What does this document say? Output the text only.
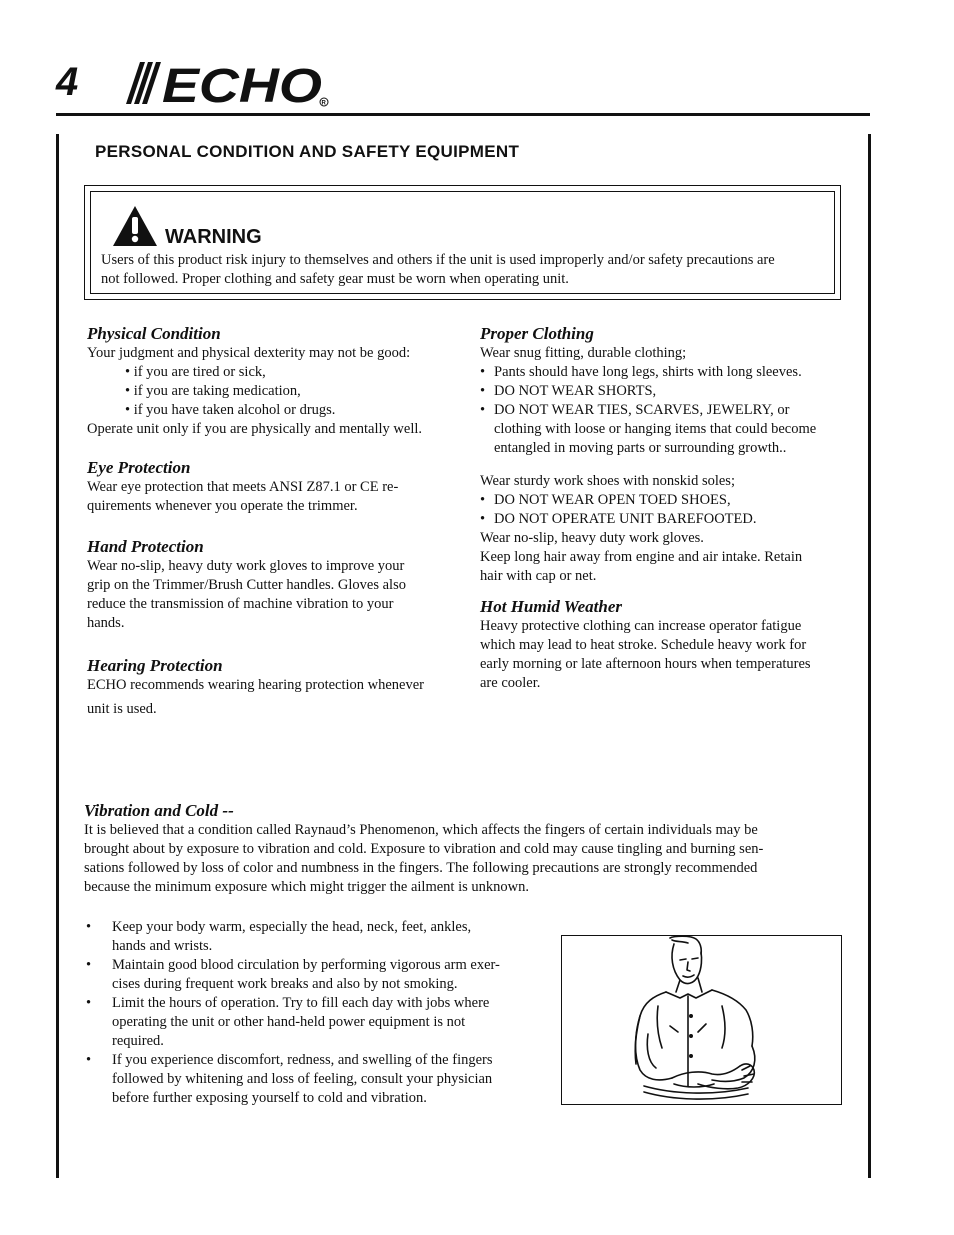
4 ECHO R
PERSONAL CONDITION AND SAFETY EQUIPMENT
WARNING
Users of this product risk injury to themselves and others if the unit is used improperly and/or safety precautions are
not followed. Proper clothing and safety gear must be worn when operating unit.
Physical Condition
Your judgment and physical dexterity may not be good:
• if you are tired or sick,
• if you are taking medication,
• if you have taken alcohol or drugs.
Operate unit only if you are physically and mentally well.
Eye Protection
Wear eye protection that meets ANSI Z87.1 or CE re-
quirements whenever you operate the trimmer.
Hand Protection
Wear no-slip, heavy duty work gloves to improve your
grip on the Trimmer/Brush Cutter handles. Gloves also
reduce the transmission of machine vibration to your
hands.
Hearing Protection
ECHO recommends wearing hearing protection whenever
unit is used.
Proper Clothing
Wear snug fitting, durable clothing;
• Pants should have long legs, shirts with long sleeves.
• DO NOT WEAR SHORTS,
• DO NOT WEAR TIES, SCARVES, JEWELRY, or
clothing with loose or hanging items that could become
entangled in moving parts or surrounding growth..
Wear sturdy work shoes with nonskid soles;
• DO NOT WEAR OPEN TOED SHOES,
• DO NOT OPERATE UNIT BAREFOOTED.
Wear no-slip, heavy duty work gloves.
Keep long hair away from engine and air intake. Retain
hair with cap or net.
Hot Humid Weather
Heavy protective clothing can increase operator fatigue
which may lead to heat stroke. Schedule heavy work for
early morning or late afternoon hours when temperatures
are cooler.
Vibration and Cold --
It is believed that a condition called Raynaud’s Phenomenon, which affects the fingers of certain individuals may be
brought about by exposure to vibration and cold. Exposure to vibration and cold may cause tingling and burning sen-
sations followed by loss of color and numbness in the fingers. The following precautions are strongly recommended
because the minimum exposure which might trigger the ailment is unknown.
• Keep your body warm, especially the head, neck, feet, ankles,
hands and wrists.
• Maintain good blood circulation by performing vigorous arm exer-
cises during frequent work breaks and also by not smoking.
• Limit the hours of operation. Try to fill each day with jobs where
operating the unit or other hand-held power equipment is not
required.
• If you experience discomfort, redness, and swelling of the fingers
followed by whitening and loss of feeling, consult your physician
before further exposing yourself to cold and vibration.
